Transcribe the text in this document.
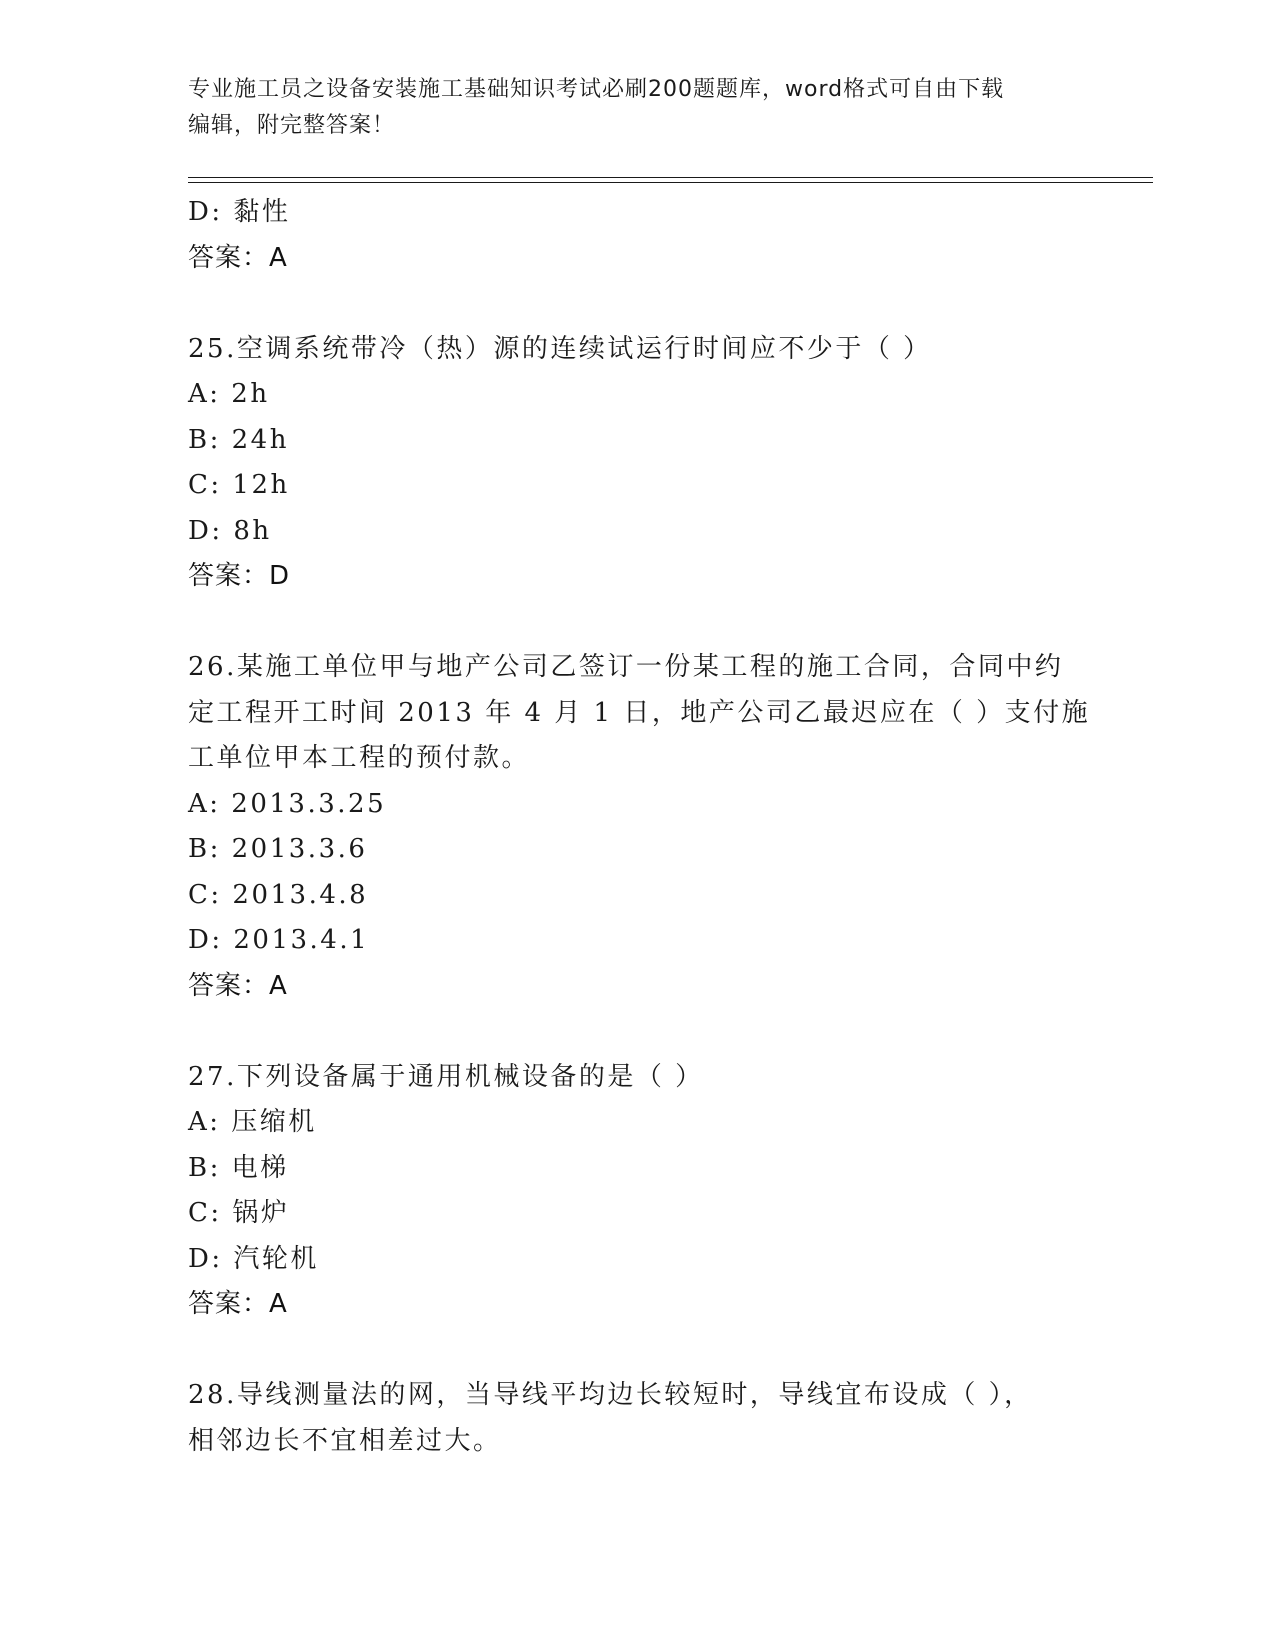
专业施工员之设备安装施工基础知识考试必刷200题题库，word格式可自由下载
编辑，附完整答案！
D: 黏性
答案：A
25.空调系统带冷（热）源的连续试运行时间应不少于（ ）
A: 2h
B: 24h
C: 12h
D: 8h
答案：D
26.某施工单位甲与地产公司乙签订一份某工程的施工合同，合同中约
定工程开工时间 2013 年 4 月 1 日，地产公司乙最迟应在（ ）支付施
工单位甲本工程的预付款。
A: 2013.3.25
B: 2013.3.6
C: 2013.4.8
D: 2013.4.1
答案：A
27.下列设备属于通用机械设备的是（ ）
A: 压缩机
B: 电梯
C: 锅炉
D: 汽轮机
答案：A
28.导线测量法的网，当导线平均边长较短时，导线宜布设成（ ），
相邻边长不宜相差过大。
